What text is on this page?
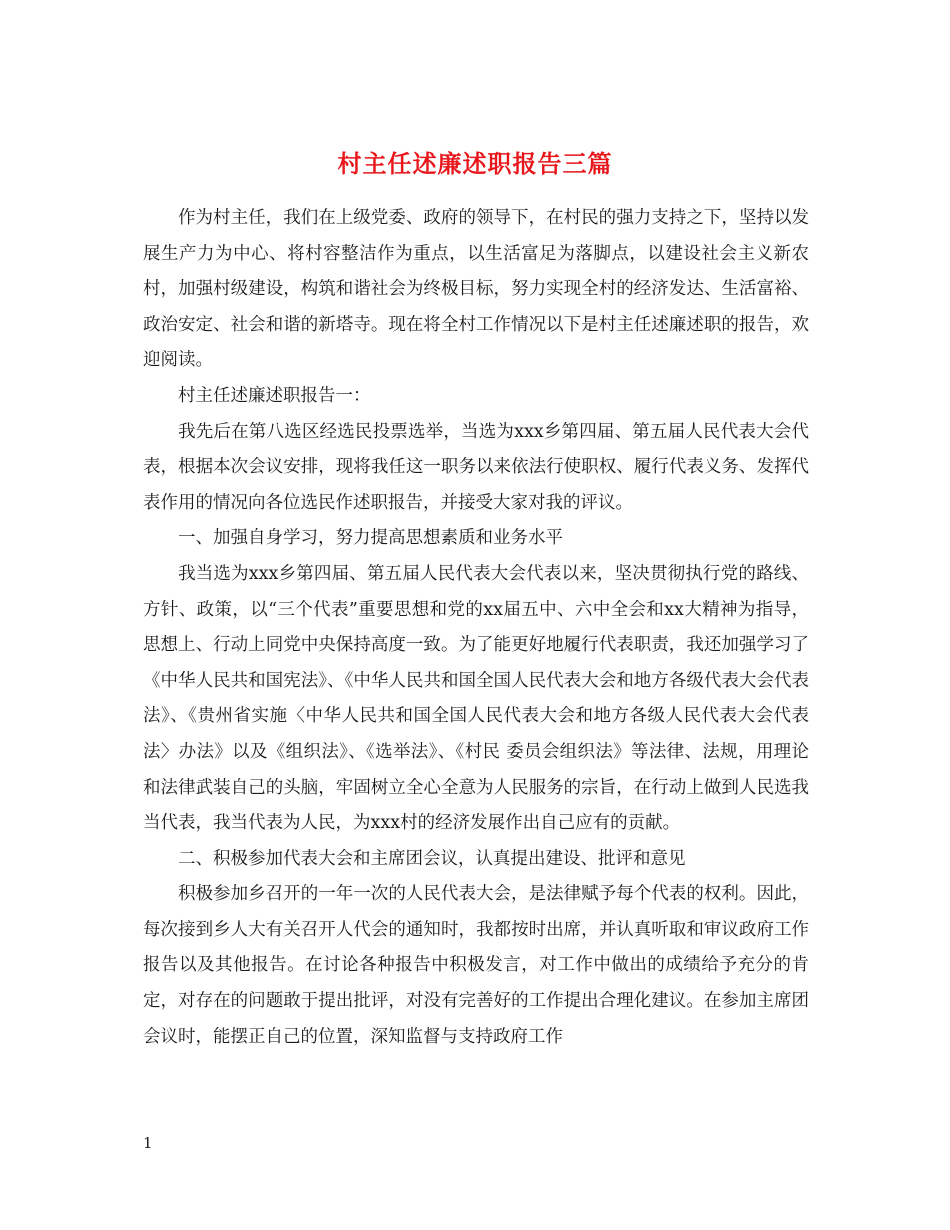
村主任述廉述职报告三篇

作为村主任，我们在上级党委、政府的领导下，在村民的强力支持之下，坚持以发展生产力为中心、将村容整洁作为重点，以生活富足为落脚点，以建设社会主义新农村，加强村级建设，构筑和谐社会为终极目标，努力实现全村的经济发达、生活富裕、政治安定、社会和谐的新塔寺。现在将全村工作情况以下是村主任述廉述职的报告，欢迎阅读。

村主任述廉述职报告一：

我先后在第八选区经选民投票选举，当选为xxx乡第四届、第五届人民代表大会代表，根据本次会议安排，现将我任这一职务以来依法行使职权、履行代表义务、发挥代表作用的情况向各位选民作述职报告，并接受大家对我的评议。

一、加强自身学习，努力提高思想素质和业务水平

我当选为xxx乡第四届、第五届人民代表大会代表以来，坚决贯彻执行党的路线、方针、政策，以“三个代表”重要思想和党的xx届五中、六中全会和xx大精神为指导，思想上、行动上同党中央保持高度一致。为了能更好地履行代表职责，我还加强学习了《中华人民共和国宪法》、《中华人民共和国全国人民代表大会和地方各级代表大会代表法》、《贵州省实施〈中华人民共和国全国人民代表大会和地方各级人民代表大会代表法〉办法》以及《组织法》、《选举法》、《村民 委员会组织法》等法律、法规，用理论和法律武装自己的头脑，牢固树立全心全意为人民服务的宗旨，在行动上做到人民选我当代表，我当代表为人民，为xxx村的经济发展作出自己应有的贡献。

二、积极参加代表大会和主席团会议，认真提出建设、批评和意见

积极参加乡召开的一年一次的人民代表大会，是法律赋予每个代表的权利。因此，每次接到乡人大有关召开人代会的通知时，我都按时出席，并认真听取和审议政府工作报告以及其他报告。在讨论各种报告中积极发言，对工作中做出的成绩给予充分的肯定，对存在的问题敢于提出批评，对没有完善好的工作提出合理化建议。在参加主席团会议时，能摆正自己的位置，深知监督与支持政府工作

1
